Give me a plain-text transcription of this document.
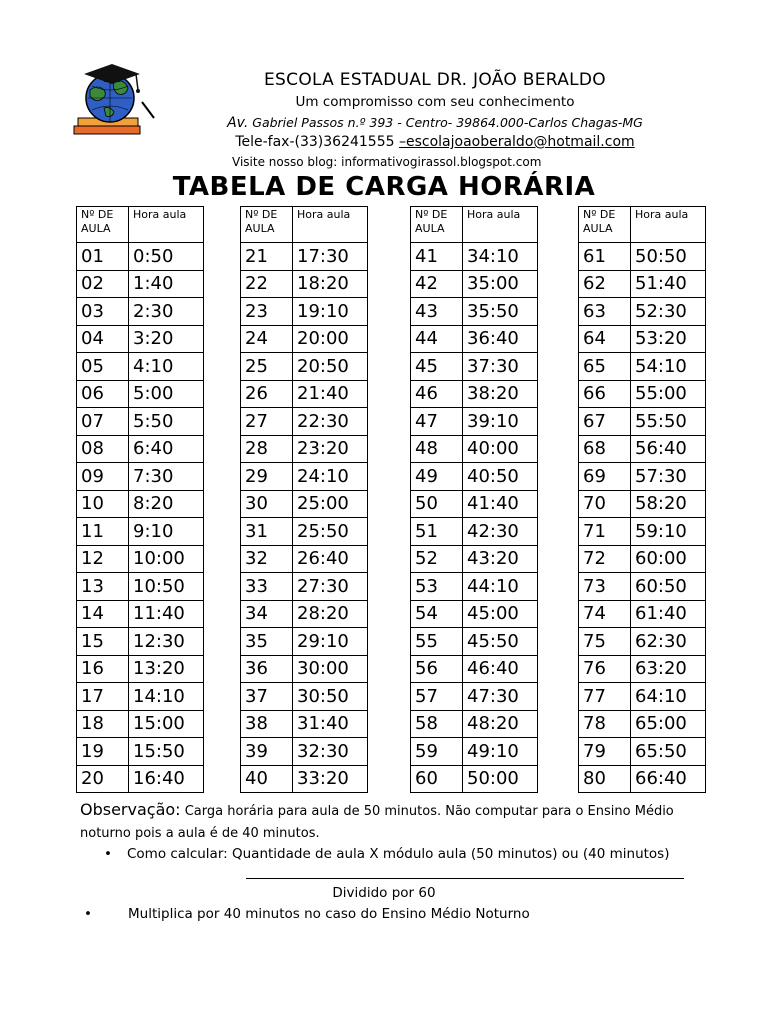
ESCOLA ESTADUAL DR. JOÃO BERALDO
Um compromisso com seu conhecimento
Av. Gabriel Passos n.º 393 - Centro- 39864.000-Carlos Chagas-MG
Tele-fax-(33)36241555 –escolajoaoberaldo@hotmail.com
Visite nosso blog: informativogirassol.blogspot.com
TABELA DE CARGA HORÁRIA
Nº DE AULA	Hora aula
01	0:50
02	1:40
03	2:30
04	3:20
05	4:10
06	5:00
07	5:50
08	6:40
09	7:30
10	8:20
11	9:10
12	10:00
13	10:50
14	11:40
15	12:30
16	13:20
17	14:10
18	15:00
19	15:50
20	16:40
Nº DE AULA	Hora aula
21	17:30
22	18:20
23	19:10
24	20:00
25	20:50
26	21:40
27	22:30
28	23:20
29	24:10
30	25:00
31	25:50
32	26:40
33	27:30
34	28:20
35	29:10
36	30:00
37	30:50
38	31:40
39	32:30
40	33:20
Nº DE AULA	Hora aula
41	34:10
42	35:00
43	35:50
44	36:40
45	37:30
46	38:20
47	39:10
48	40:00
49	40:50
50	41:40
51	42:30
52	43:20
53	44:10
54	45:00
55	45:50
56	46:40
57	47:30
58	48:20
59	49:10
60	50:00
Nº DE AULA	Hora aula
61	50:50
62	51:40
63	52:30
64	53:20
65	54:10
66	55:00
67	55:50
68	56:40
69	57:30
70	58:20
71	59:10
72	60:00
73	60:50
74	61:40
75	62:30
76	63:20
77	64:10
78	65:00
79	65:50
80	66:40
Observação: Carga horária para aula de 50 minutos. Não computar para o Ensino Médio noturno pois a aula é de 40 minutos.
• Como calcular: Quantidade de aula X módulo aula (50 minutos) ou (40 minutos)
Dividido por 60
•	Multiplica por 40 minutos no caso do Ensino Médio Noturno
